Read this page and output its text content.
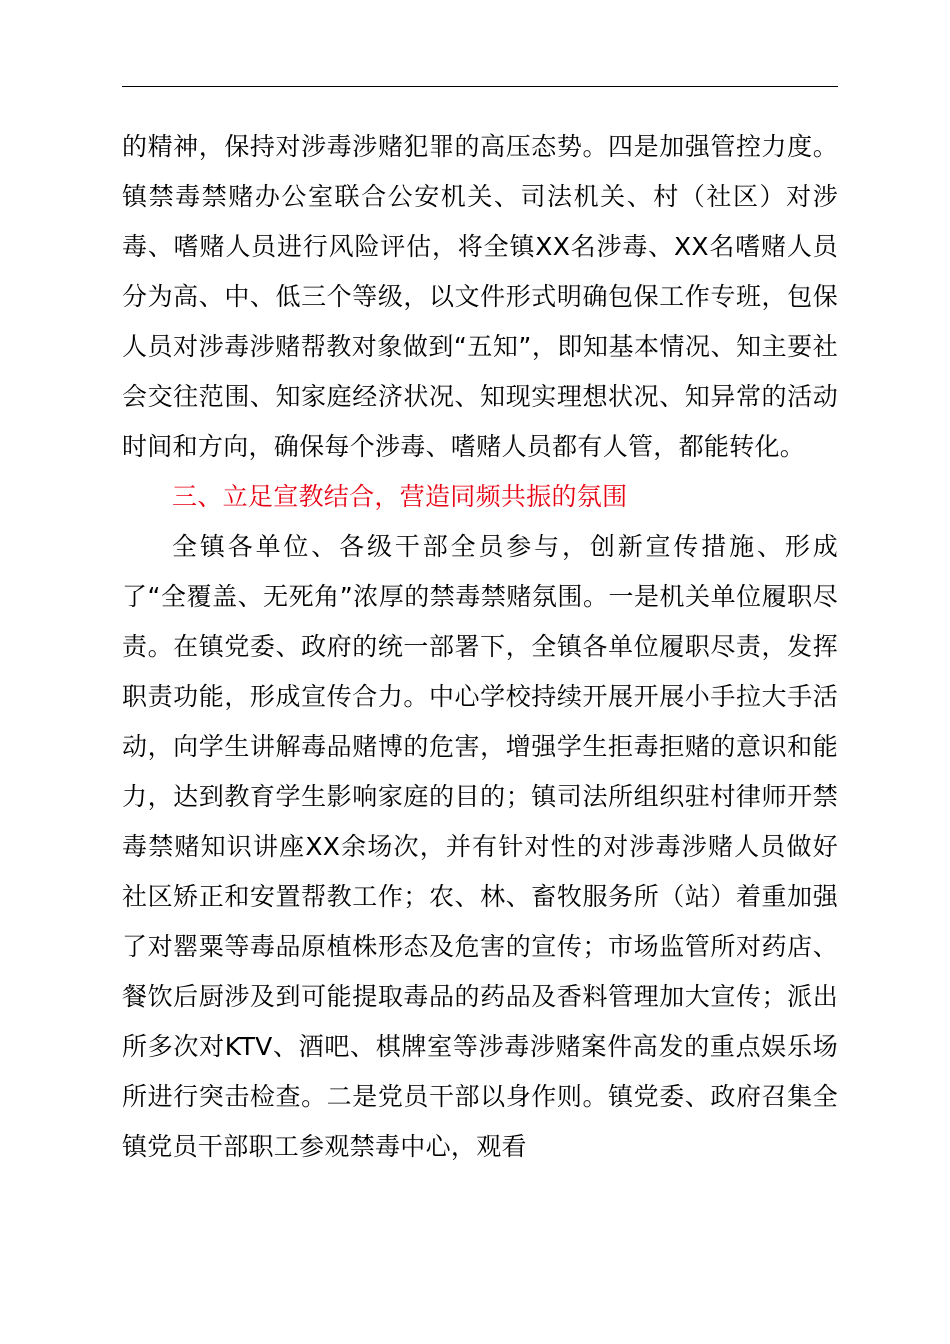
的精神，保持对涉毒涉赌犯罪的高压态势。四是加强管控力度。镇禁毒禁赌办公室联合公安机关、司法机关、村（社区）对涉毒、嗜赌人员进行风险评估，将全镇XX名涉毒、XX名嗜赌人员分为高、中、低三个等级，以文件形式明确包保工作专班，包保人员对涉毒涉赌帮教对象做到“五知”，即知基本情况、知主要社会交往范围、知家庭经济状况、知现实理想状况、知异常的活动时间和方向，确保每个涉毒、嗜赌人员都有人管，都能转化。

三、立足宣教结合，营造同频共振的氛围

全镇各单位、各级干部全员参与，创新宣传措施、形成了“全覆盖、无死角”浓厚的禁毒禁赌氛围。一是机关单位履职尽责。在镇党委、政府的统一部署下，全镇各单位履职尽责，发挥职责功能，形成宣传合力。中心学校持续开展开展小手拉大手活动，向学生讲解毒品赌博的危害，增强学生拒毒拒赌的意识和能力，达到教育学生影响家庭的目的；镇司法所组织驻村律师开禁毒禁赌知识讲座XX余场次，并有针对性的对涉毒涉赌人员做好社区矫正和安置帮教工作；农、林、畜牧服务所（站）着重加强了对罂粟等毒品原植株形态及危害的宣传；市场监管所对药店、餐饮后厨涉及到可能提取毒品的药品及香料管理加大宣传；派出所多次对KTV、酒吧、棋牌室等涉毒涉赌案件高发的重点娱乐场所进行突击检查。二是党员干部以身作则。镇党委、政府召集全镇党员干部职工参观禁毒中心，观看
